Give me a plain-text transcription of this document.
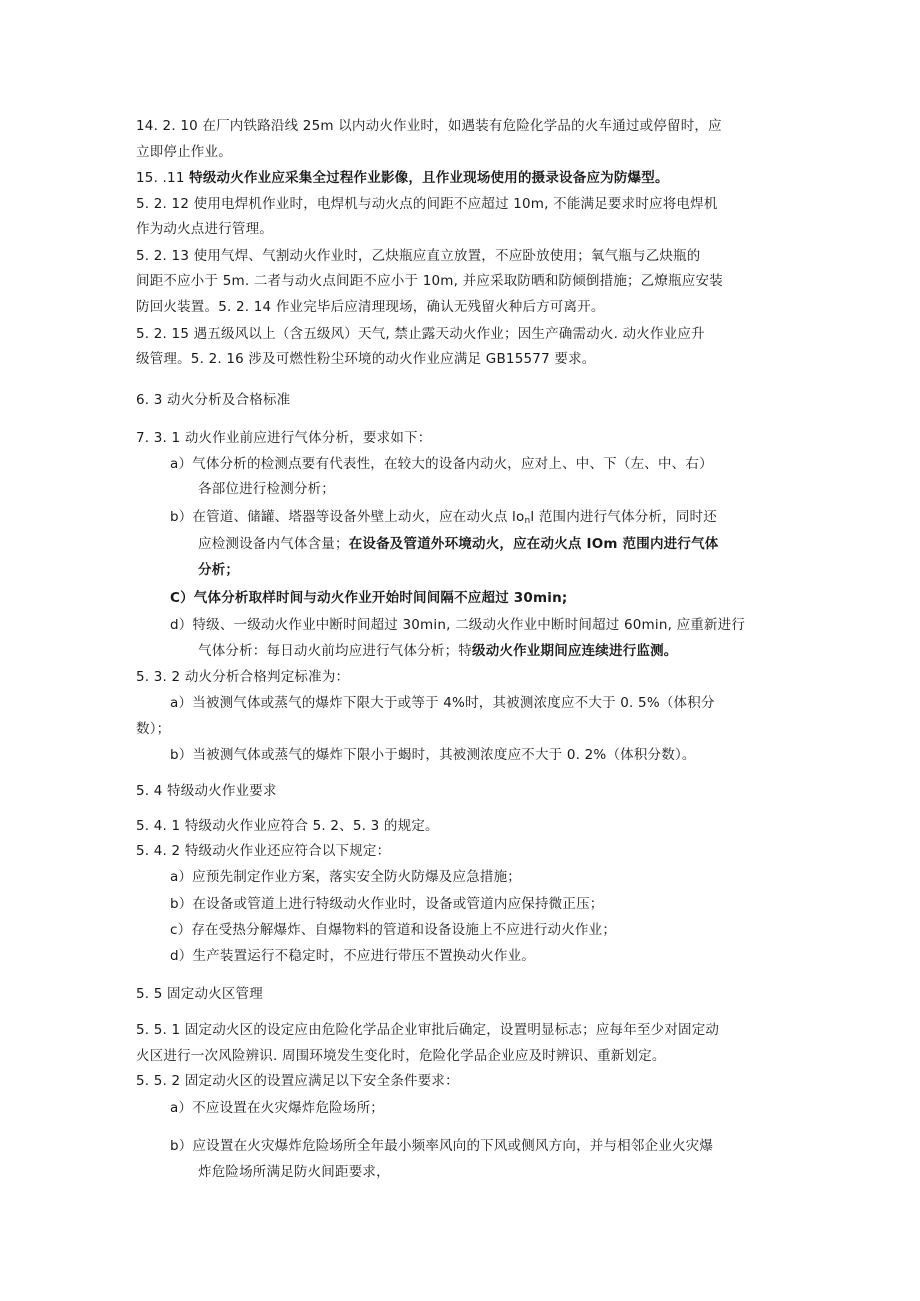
14. 2. 10 在厂内铁路沿线 25m 以内动火作业时，如遇装有危险化学品的火车通过或停留时，应
立即停止作业。
15. .11 特级动火作业应采集全过程作业影像，且作业现场使用的摄录设备应为防爆型。
5. 2. 12 使用电焊机作业时，电焊机与动火点的间距不应超过 10m, 不能满足要求时应将电焊机
作为动火点进行管理。
5. 2. 13 使用气焊、气割动火作业时，乙炔瓶应直立放置，不应卧放使用；氧气瓶与乙炔瓶的
间距不应小于 5m. 二者与动火点间距不应小于 10m, 并应采取防晒和防倾倒措施；乙燎瓶应安装
防回火装置。5. 2. 14 作业完毕后应清理现场，确认无残留火种后方可离开。
5. 2. 15 遇五级风以上（含五级风）天气, 禁止露天动火作业；因生产确需动火. 动火作业应升
级管理。5. 2. 16 涉及可燃性粉尘环境的动火作业应满足 GB15577 要求。
6. 3 动火分析及合格标准
7. 3. 1 动火作业前应进行气体分析，要求如下：
a）气体分析的检测点要有代表性，在较大的设备内动火，应对上、中、下（左、中、右）
各部位进行检测分析；
b）在管道、储罐、塔器等设备外壁上动火，应在动火点 $lo_nl$ 范围内进行气体分析，同时还
应检测设备内气体含量；在设备及管道外环境动火，应在动火点 IOm 范围内进行气体
分析；
C）气体分析取样时间与动火作业开始时间间隔不应超过 30min;
d）特级、一级动火作业中断时间超过 30min, 二级动火作业中断时间超过 60min, 应重新进行
气体分析：每日动火前均应进行气体分析；特级动火作业期间应连续进行监测。
5. 3. 2 动火分析合格判定标准为：
a）当被测气体或蒸气的爆炸下限大于或等于 4%时，其被测浓度应不大于 0. 5%（体积分
数）；
b）当被测气体或蒸气的爆炸下限小于蝎时，其被测浓度应不大于 0. 2%（体积分数）。
5. 4 特级动火作业要求
5. 4. 1 特级动火作业应符合 5. 2、5. 3 的规定。
5. 4. 2 特级动火作业还应符合以下规定：
a）应预先制定作业方案，落实安全防火防爆及应急措施；
b）在设备或管道上进行特级动火作业时，设备或管道内应保持微正压；
c）存在受热分解爆炸、自爆物料的管道和设备设施上不应进行动火作业；
d）生产装置运行不稳定时，不应进行带压不置换动火作业。
5. 5 固定动火区管理
5. 5. 1 固定动火区的设定应由危险化学品企业审批后确定，设置明显标志；应每年至少对固定动
火区进行一次风险辨识. 周围环境发生变化时，危险化学品企业应及时辨识、重新划定。
5. 5. 2 固定动火区的设置应满足以下安全条件要求：
a）不应设置在火灾爆炸危险场所；
b）应设置在火灾爆炸危险场所全年最小频率风向的下风或侧风方向，并与相邻企业火灾爆
炸危险场所满足防火间距要求，
